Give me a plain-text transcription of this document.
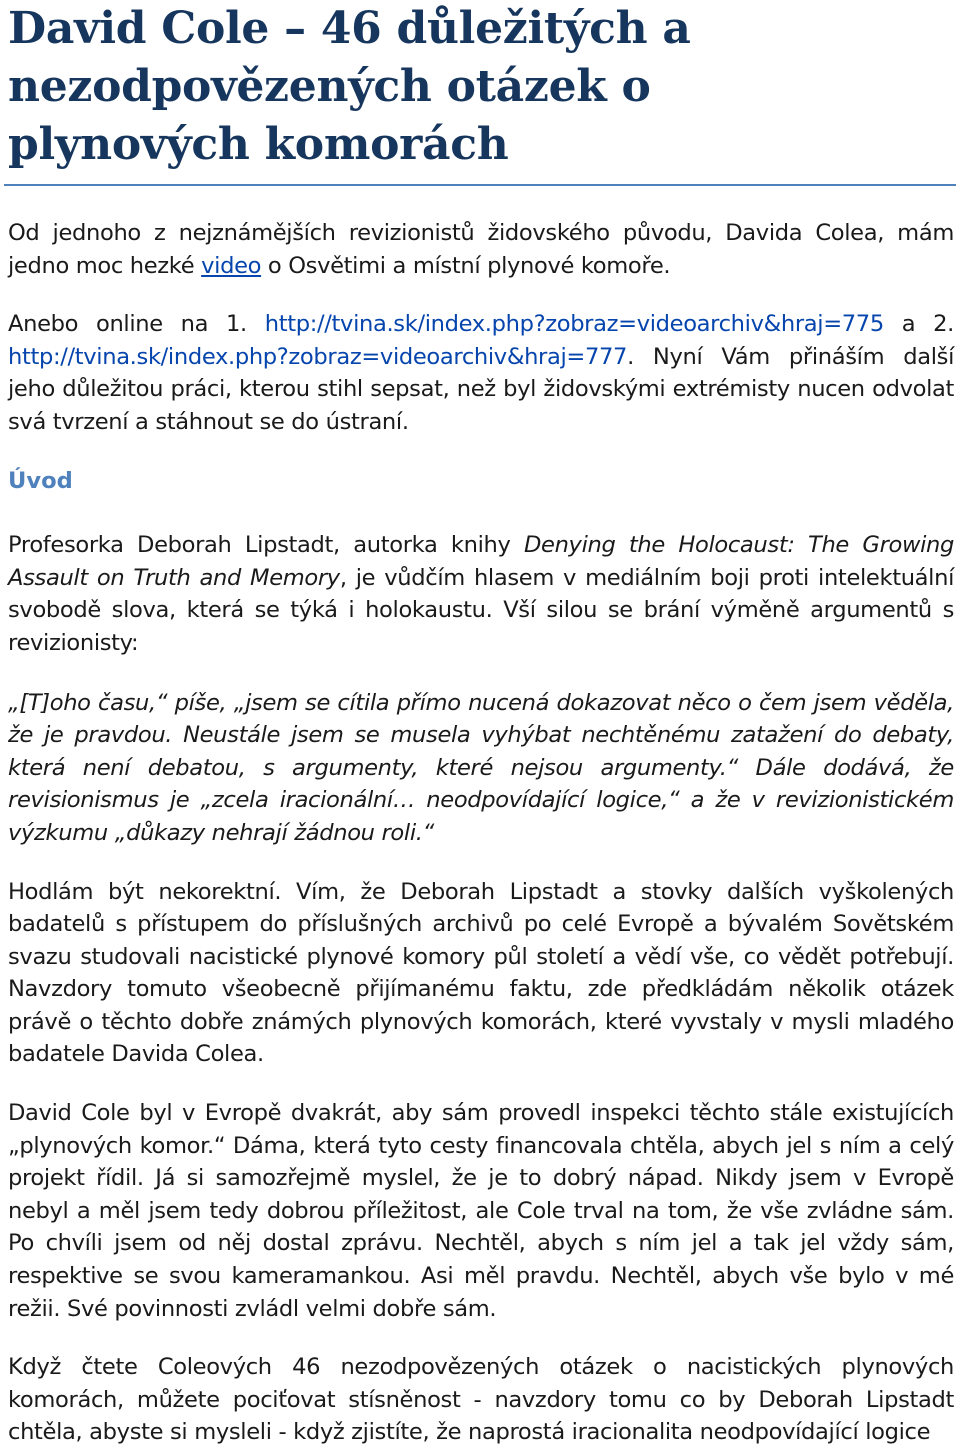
David Cole – 46 důležitých a
nezodpovězených otázek o
plynových komorách

Od jednoho z nejznámějších revizionistů židovského původu, Davida Colea, mám jedno moc hezké video o Osvětimi a místní plynové komoře.

Anebo online na 1. http://tvina.sk/index.php?zobraz=videoarchiv&hraj=775 a 2. http://tvina.sk/index.php?zobraz=videoarchiv&hraj=777. Nyní Vám přináším další jeho důležitou práci, kterou stihl sepsat, než byl židovskými extrémisty nucen odvolat svá tvrzení a stáhnout se do ústraní.

Úvod

Profesorka Deborah Lipstadt, autorka knihy Denying the Holocaust: The Growing Assault on Truth and Memory, je vůdčím hlasem v mediálním boji proti intelektuální svobodě slova, která se týká i holokaustu. Vší silou se brání výměně argumentů s revizionisty:

„[T]oho času,“ píše, „jsem se cítila přímo nucená dokazovat něco o čem jsem věděla, že je pravdou. Neustále jsem se musela vyhýbat nechtěnému zatažení do debaty, která není debatou, s argumenty, které nejsou argumenty.“ Dále dodává, že revisionismus je „zcela iracionální… neodpovídající logice,“ a že v revizionistickém výzkumu „důkazy nehrají žádnou roli.“

Hodlám být nekorektní. Vím, že Deborah Lipstadt a stovky dalších vyškolených badatelů s přístupem do příslušných archivů po celé Evropě a bývalém Sovětském svazu studovali nacistické plynové komory půl století a vědí vše, co vědět potřebují. Navzdory tomuto všeobecně přijímanému faktu, zde předkládám několik otázek právě o těchto dobře známých plynových komorách, které vyvstaly v mysli mladého badatele Davida Colea.

David Cole byl v Evropě dvakrát, aby sám provedl inspekci těchto stále existujících „plynových komor.“ Dáma, která tyto cesty financovala chtěla, abych jel s ním a celý projekt řídil. Já si samozřejmě myslel, že je to dobrý nápad. Nikdy jsem v Evropě nebyl a měl jsem tedy dobrou příležitost, ale Cole trval na tom, že vše zvládne sám. Po chvíli jsem od něj dostal zprávu. Nechtěl, abych s ním jel a tak jel vždy sám, respektive se svou kameramankou. Asi měl pravdu. Nechtěl, abych vše bylo v mé režii. Své povinnosti zvládl velmi dobře sám.

Když čtete Coleových 46 nezodpovězených otázek o nacistických plynových komorách, můžete pociťovat stísněnost - navzdory tomu co by Deborah Lipstadt chtěla, abyste si mysleli - když zjistíte, že naprostá iracionalita neodpovídající logice
